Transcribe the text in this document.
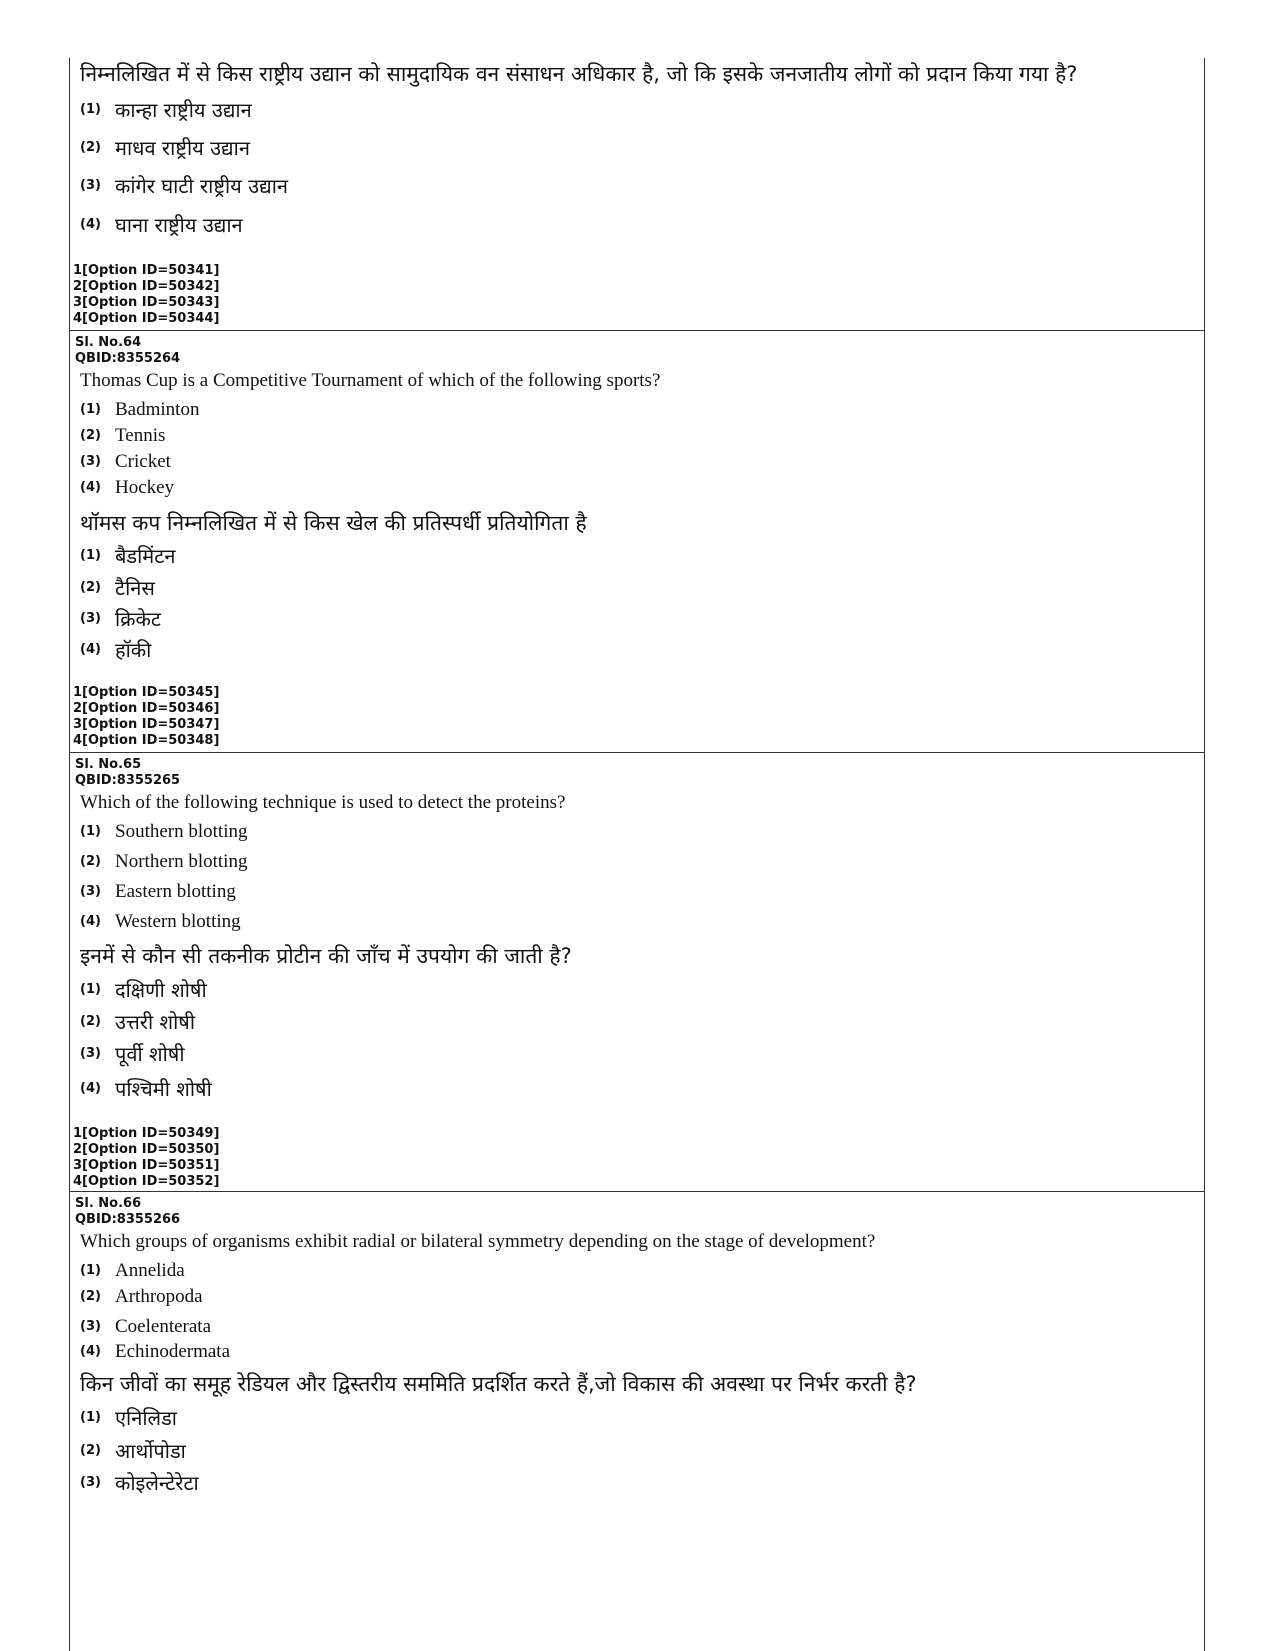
निम्नलिखित में से किस राष्ट्रीय उद्यान को सामुदायिक वन संसाधन अधिकार है, जो कि इसके जनजातीय लोगों को प्रदान किया गया है?
(1) कान्हा राष्ट्रीय उद्यान
(2) माधव राष्ट्रीय उद्यान
(3) कांगेर घाटी राष्ट्रीय उद्यान
(4) घाना राष्ट्रीय उद्यान
1[Option ID=50341]
2[Option ID=50342]
3[Option ID=50343]
4[Option ID=50344]
Sl. No.64
QBID:8355264
Thomas Cup is a Competitive Tournament of which of the following sports?
(1) Badminton
(2) Tennis
(3) Cricket
(4) Hockey
थॉमस कप निम्नलिखित में से किस खेल की प्रतिस्पर्धी प्रतियोगिता है
(1) बैडमिंटन
(2) टैनिस
(3) क्रिकेट
(4) हॉकी
1[Option ID=50345]
2[Option ID=50346]
3[Option ID=50347]
4[Option ID=50348]
Sl. No.65
QBID:8355265
Which of the following technique is used to detect the proteins?
(1) Southern blotting
(2) Northern blotting
(3) Eastern blotting
(4) Western blotting
इनमें से कौन सी तकनीक प्रोटीन की जाँच में उपयोग की जाती है?
(1) दक्षिणी शोषी
(2) उत्तरी शोषी
(3) पूर्वी शोषी
(4) पश्चिमी शोषी
1[Option ID=50349]
2[Option ID=50350]
3[Option ID=50351]
4[Option ID=50352]
Sl. No.66
QBID:8355266
Which groups of organisms exhibit radial or bilateral symmetry depending on the stage of development?
(1) Annelida
(2) Arthropoda
(3) Coelenterata
(4) Echinodermata
किन जीवों का समूह रेडियल और द्विस्तरीय सममिति प्रदर्शित करते हैं,जो विकास की अवस्था पर निर्भर करती है?
(1) एनिलिडा
(2) आर्थोपोडा
(3) कोइलेन्टेरेटा
